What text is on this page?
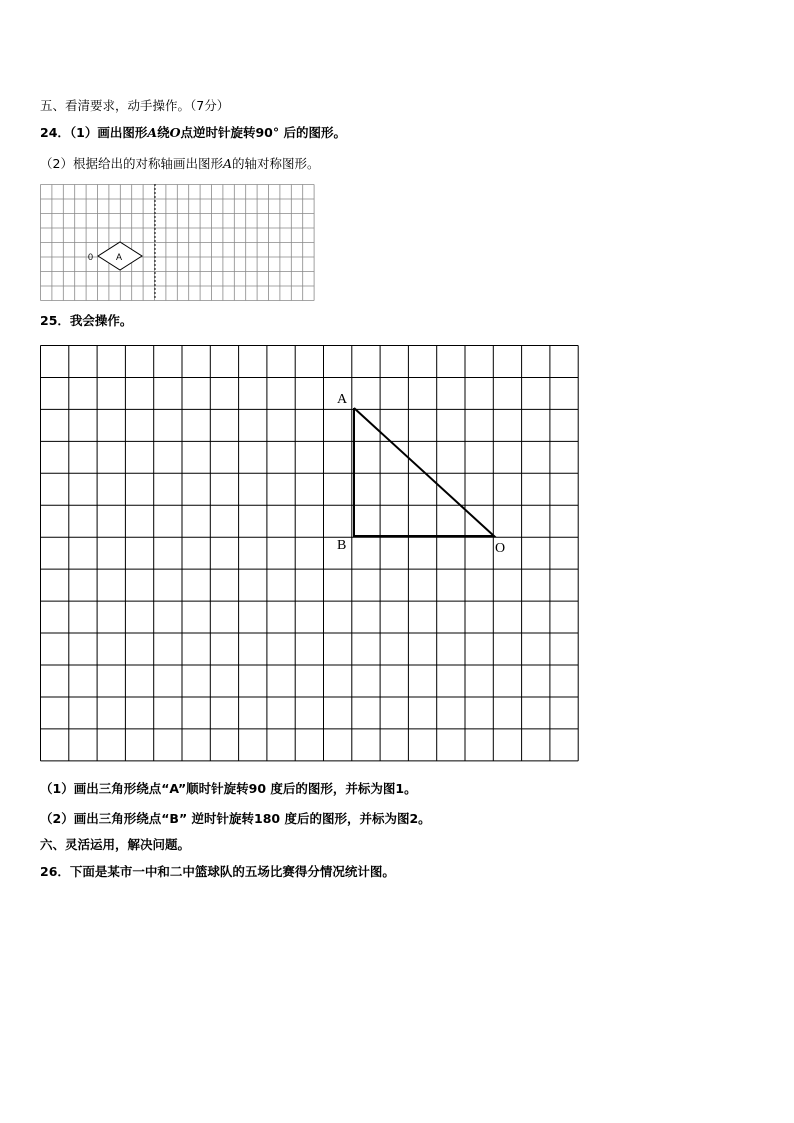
五、看清要求，动手操作。（7分）
24．（1）画出图形A绕O点逆时针旋转90° 后的图形。
（2）根据给出的对称轴画出图形A的轴对称图形。
0	A
25．我会操作。
A
B	O
（1）画出三角形绕点“A”顺时针旋转90 度后的图形，并标为图1。
（2）画出三角形绕点“B” 逆时针旋转180 度后的图形，并标为图2。
六、灵活运用，解决问题。
26．下面是某市一中和二中篮球队的五场比赛得分情况统计图。
